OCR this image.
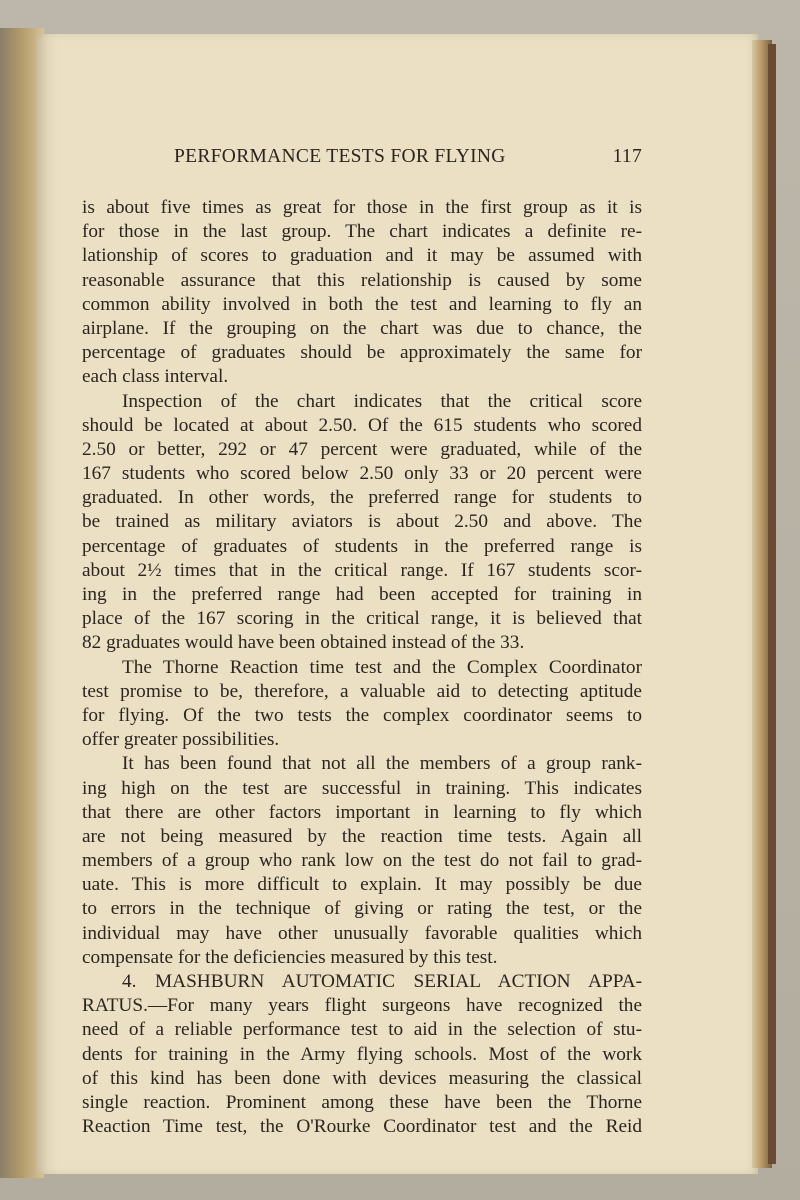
PERFORMANCE TESTS FOR FLYING	117
is about five times as great for those in the first group as it is
for those in the last group. The chart indicates a definite re-
lationship of scores to graduation and it may be assumed with
reasonable assurance that this relationship is caused by some
common ability involved in both the test and learning to fly an
airplane. If the grouping on the chart was due to chance, the
percentage of graduates should be approximately the same for
each class interval.
Inspection of the chart indicates that the critical score
should be located at about 2.50. Of the 615 students who scored
2.50 or better, 292 or 47 percent were graduated, while of the
167 students who scored below 2.50 only 33 or 20 percent were
graduated. In other words, the preferred range for students to
be trained as military aviators is about 2.50 and above. The
percentage of graduates of students in the preferred range is
about 2½ times that in the critical range. If 167 students scor-
ing in the preferred range had been accepted for training in
place of the 167 scoring in the critical range, it is believed that
82 graduates would have been obtained instead of the 33.
The Thorne Reaction time test and the Complex Coordinator
test promise to be, therefore, a valuable aid to detecting aptitude
for flying. Of the two tests the complex coordinator seems to
offer greater possibilities.
It has been found that not all the members of a group rank-
ing high on the test are successful in training. This indicates
that there are other factors important in learning to fly which
are not being measured by the reaction time tests. Again all
members of a group who rank low on the test do not fail to grad-
uate. This is more difficult to explain. It may possibly be due
to errors in the technique of giving or rating the test, or the
individual may have other unusually favorable qualities which
compensate for the deficiencies measured by this test.
4. MASHBURN AUTOMATIC SERIAL ACTION APPA-
RATUS.—For many years flight surgeons have recognized the
need of a reliable performance test to aid in the selection of stu-
dents for training in the Army flying schools. Most of the work
of this kind has been done with devices measuring the classical
single reaction. Prominent among these have been the Thorne
Reaction Time test, the O'Rourke Coordinator test and the Reid
